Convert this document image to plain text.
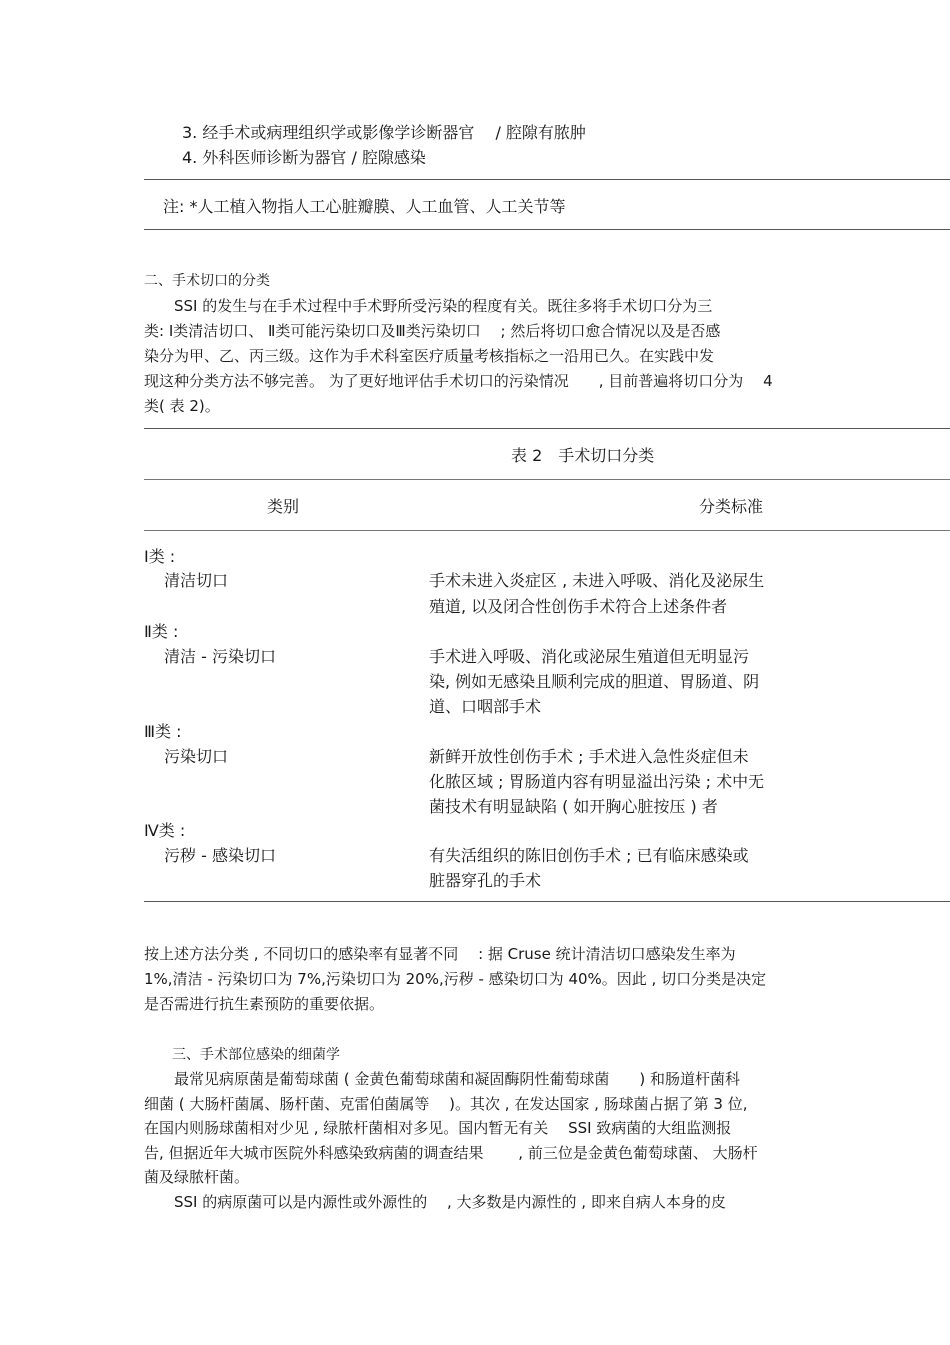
3. 经手术或病理组织学或影像学诊断器官　 / 腔隙有脓肿
4. 外科医师诊断为器官 / 腔隙感染
注: *人工植入物指人工心脏瓣膜、人工血管、人工关节等
二、手术切口的分类
　　SSI 的发生与在手术过程中手术野所受污染的程度有关。既往多将手术切口分为三
类: Ⅰ类清洁切口、 Ⅱ类可能污染切口及Ⅲ类污染切口　 ; 然后将切口愈合情况以及是否感
染分为甲、乙、丙三级。这作为手术科室医疗质量考核指标之一沿用已久。在实践中发
现这种分类方法不够完善。 为了更好地评估手术切口的污染情况　　, 目前普遍将切口分为　 4
类( 表 2)。
表 2　手术切口分类
类别	分类标准
Ⅰ类 :
清洁切口	手术未进入炎症区 , 未进入呼吸、消化及泌尿生
殖道, 以及闭合性创伤手术符合上述条件者
Ⅱ类 :
清洁 - 污染切口	手术进入呼吸、消化或泌尿生殖道但无明显污
染, 例如无感染且顺利完成的胆道、胃肠道、阴
道、口咽部手术
Ⅲ类 :
污染切口	新鲜开放性创伤手术 ; 手术进入急性炎症但未
化脓区域 ; 胃肠道内容有明显溢出污染 ; 术中无
菌技术有明显缺陷 ( 如开胸心脏按压 ) 者
Ⅳ类 :
污秽 - 感染切口	有失活组织的陈旧创伤手术 ; 已有临床感染或
脏器穿孔的手术
按上述方法分类 , 不同切口的感染率有显著不同　 : 据 Cruse 统计清洁切口感染发生率为
1%,清洁 - 污染切口为 7%,污染切口为 20%,污秽 - 感染切口为 40%。因此 , 切口分类是决定
是否需进行抗生素预防的重要依据。
　　三、手术部位感染的细菌学
　　最常见病原菌是葡萄球菌 ( 金黄色葡萄球菌和凝固酶阴性葡萄球菌　　) 和肠道杆菌科
细菌 ( 大肠杆菌属、肠杆菌、克雷伯菌属等　 )。其次 , 在发达国家 , 肠球菌占据了第 3 位,
在国内则肠球菌相对少见 , 绿脓杆菌相对多见。国内暂无有关　 SSI 致病菌的大组监测报
告, 但据近年大城市医院外科感染致病菌的调查结果　　 , 前三位是金黄色葡萄球菌、 大肠杆
菌及绿脓杆菌。
　　SSI 的病原菌可以是内源性或外源性的　 , 大多数是内源性的 , 即来自病人本身的皮
